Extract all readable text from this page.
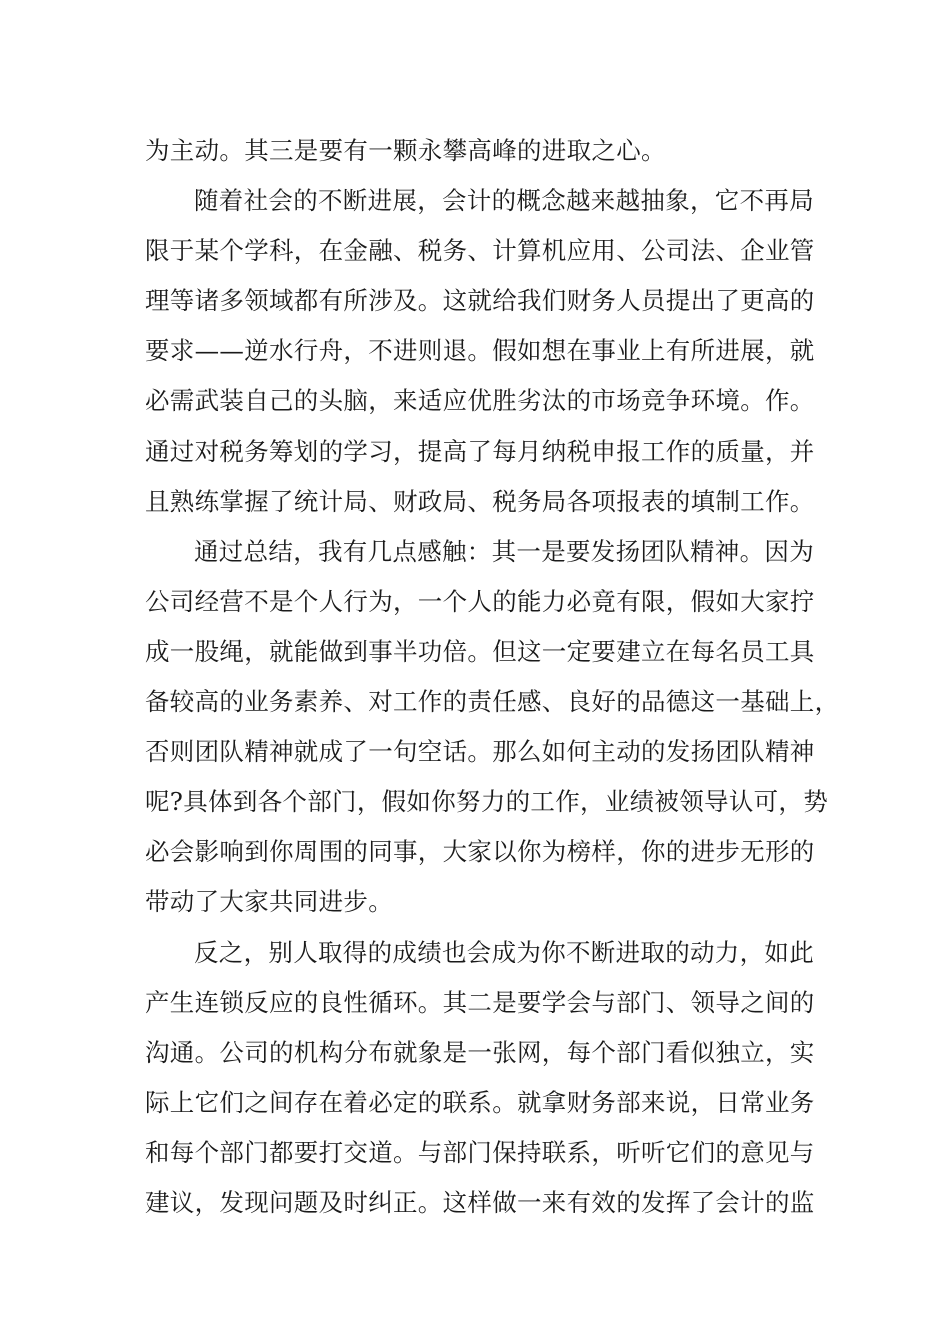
为主动。其三是要有一颗永攀高峰的进取之心。
随着社会的不断进展，会计的概念越来越抽象，它不再局
限于某个学科，在金融、税务、计算机应用、公司法、企业管
理等诸多领域都有所涉及。这就给我们财务人员提出了更高的
要求——逆水行舟，不进则退。假如想在事业上有所进展，就
必需武装自己的头脑，来适应优胜劣汰的市场竞争环境。作。
通过对税务筹划的学习，提高了每月纳税申报工作的质量，并
且熟练掌握了统计局、财政局、税务局各项报表的填制工作。
通过总结，我有几点感触：其一是要发扬团队精神。因为
公司经营不是个人行为，一个人的能力必竟有限，假如大家拧
成一股绳，就能做到事半功倍。但这一定要建立在每名员工具
备较高的业务素养、对工作的责任感、良好的品德这一基础上，
否则团队精神就成了一句空话。那么如何主动的发扬团队精神
呢?具体到各个部门，假如你努力的工作，业绩被领导认可，势
必会影响到你周围的同事，大家以你为榜样，你的进步无形的
带动了大家共同进步。
反之，别人取得的成绩也会成为你不断进取的动力，如此
产生连锁反应的良性循环。其二是要学会与部门、领导之间的
沟通。公司的机构分布就象是一张网，每个部门看似独立，实
际上它们之间存在着必定的联系。就拿财务部来说，日常业务
和每个部门都要打交道。与部门保持联系，听听它们的意见与
建议，发现问题及时纠正。这样做一来有效的发挥了会计的监
